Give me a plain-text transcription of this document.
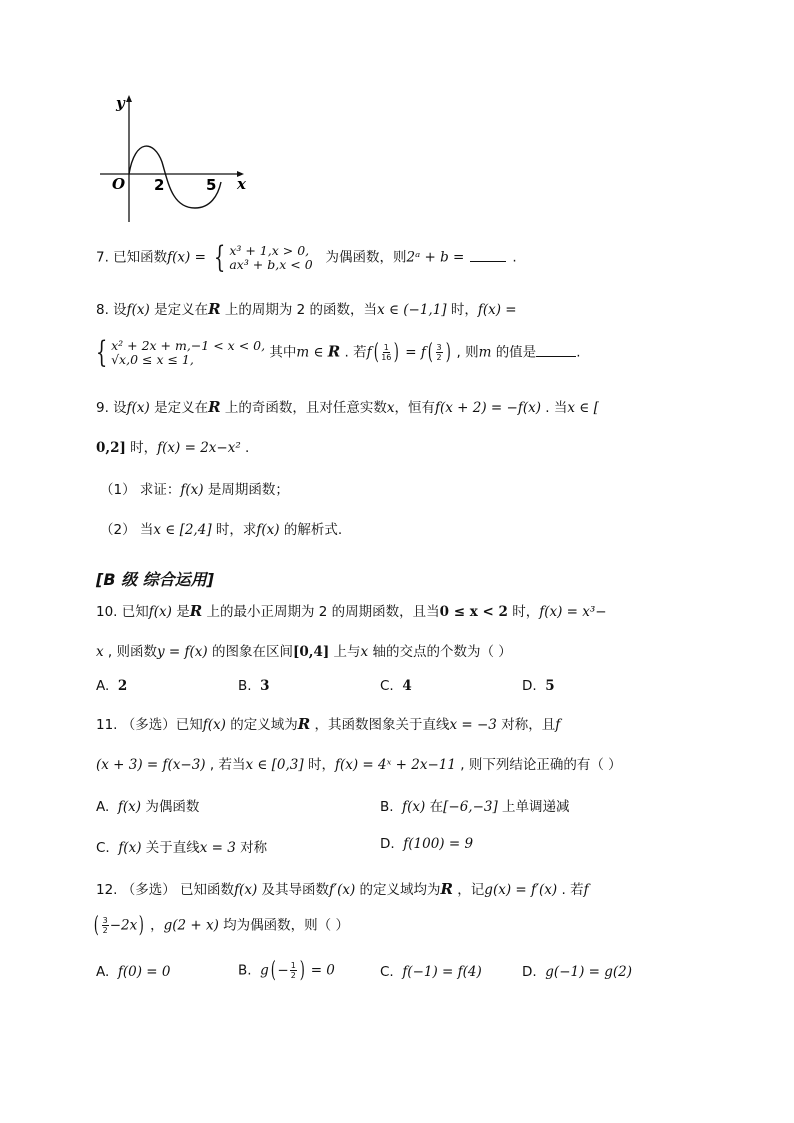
y
O 2	5 x
7. 已知函数f(x) = { x³ + 1,x > 0,
ax³ + b,x < 0 为偶函数，则2ᵃ + b =	.
8. 设f(x) 是定义在R 上的周期为 2 的函数，当x ∈ (−1,1] 时，f(x) =
{ x² + 2x + m,−1 < x < 0,
√x,0 ≤ x ≤ 1,	其中m ∈ R . 若$f( \frac{1}{16}$ ) = $f( \frac{3}{2}$ ) , 则m 的值是	.
9. 设f(x) 是定义在R 上的奇函数，且对任意实数x，恒有f(x + 2) = −f(x) . 当x ∈ [
0,2] 时，f(x) = 2x−x² .
（1） 求证：f(x) 是周期函数；
（2） 当x ∈ [2,4] 时，求f(x) 的解析式.
[B 级 综合运用]
10. 已知f(x) 是R 上的最小正周期为 2 的周期函数，且当0 ≤ x < 2 时，f(x) = x³−
x , 则函数y = f(x) 的图象在区间[0,4] 上与x 轴的交点的个数为（ ）
A. 2	B. 3	C. 4	D. 5
11. （多选）已知f(x) 的定义域为R ，其函数图象关于直线x = −3 对称，且f
(x + 3) = f(x−3) , 若当x ∈ [0,3] 时，f(x) = 4ˣ + 2x−11 , 则下列结论正确的有（ ）
A. f(x) 为偶函数	B. f(x) 在[−6,−3] 上单调递减
C. f(x) 关于直线x = 3 对称	D. f(100) = 9
12. （多选） 已知函数f(x) 及其导函数f′(x) 的定义域均为R ，记g(x) = f′(x) . 若f
( $\frac{3}{2} -2x$) ，g(2 + x) 均为偶函数，则（ ）
A. f(0) = 0	B. $g( - \frac{1}{2}$ ) = 0	C. f(−1) = f(4)	D. g(−1) = g(2)
